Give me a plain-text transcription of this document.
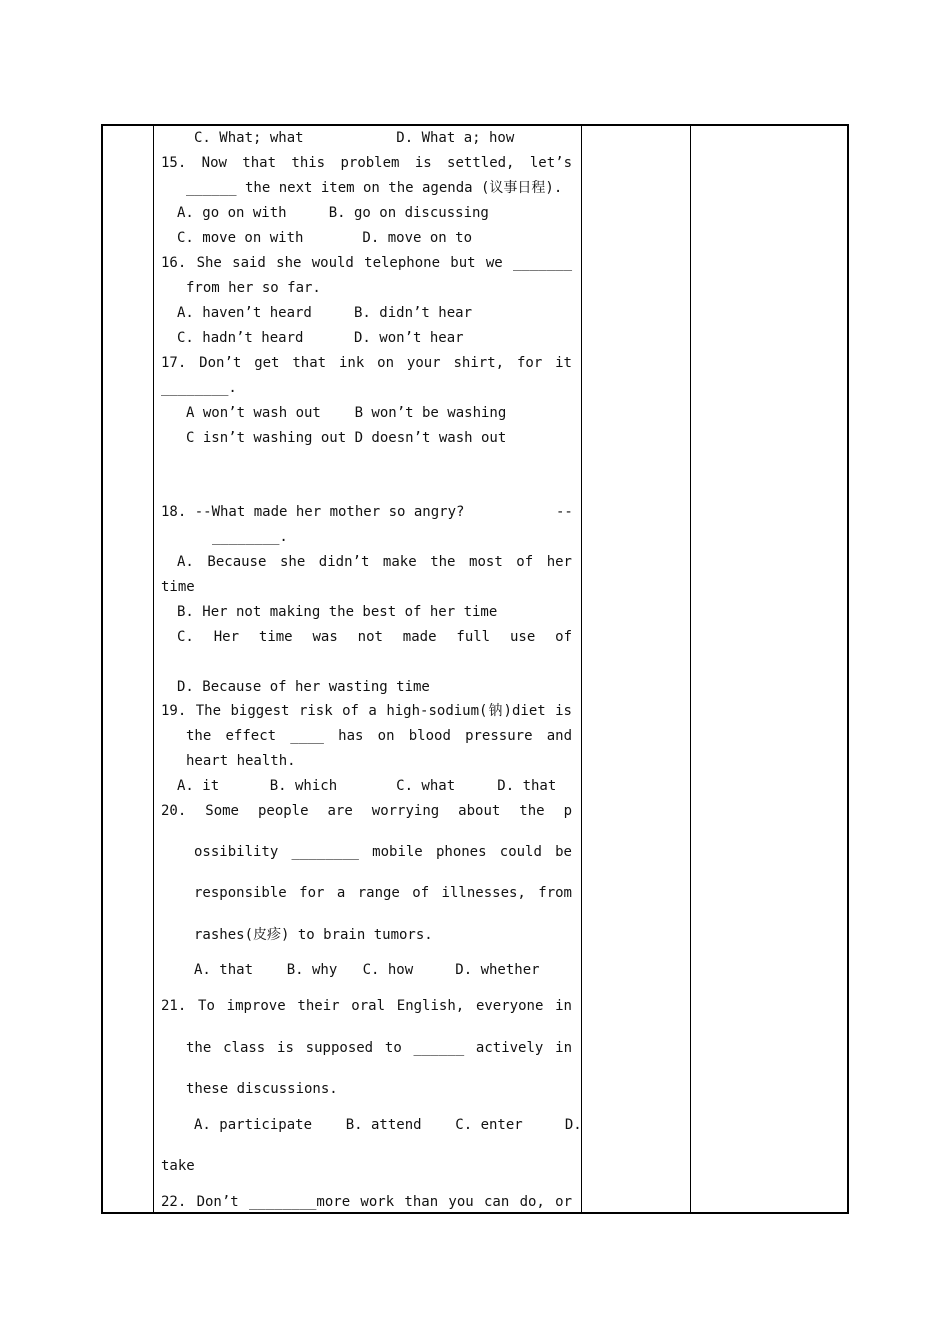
C. What; what           D. What a; how
15. Now that this problem is settled, let’s
______ the next item on the agenda (议事日程).
A. go on with     B. go on discussing
C. move on with       D. move on to
16. She said she would telephone but we _______
from her so far.
A. haven’t heard     B. didn’t hear
C. hadn’t heard      D. won’t hear
17. Don’t get that ink on your shirt, for it
________.
A won’t wash out    B won’t be washing
C isn’t washing out D doesn’t wash out
18. --What made her mother so angry?	--
________.
A. Because she didn’t make the most of her
time
B. Her not making the best of her time
C. Her time was not made full use of
D. Because of her wasting time
19. The biggest risk of a high-sodium(钠)diet is
the effect ____ has on blood pressure and
heart health.
A. it      B. which       C. what     D. that
20. Some people are worrying about the p
ossibility ________ mobile phones could be
responsible for a range of illnesses, from
rashes(皮疹) to brain tumors.
A. that    B. why   C. how     D. whether
21. To improve their oral English, everyone in
the class is supposed to ______ actively in
these discussions.
A. participate    B. attend    C. enter     D.
take
22. Don’t ________more work than you can do, or
